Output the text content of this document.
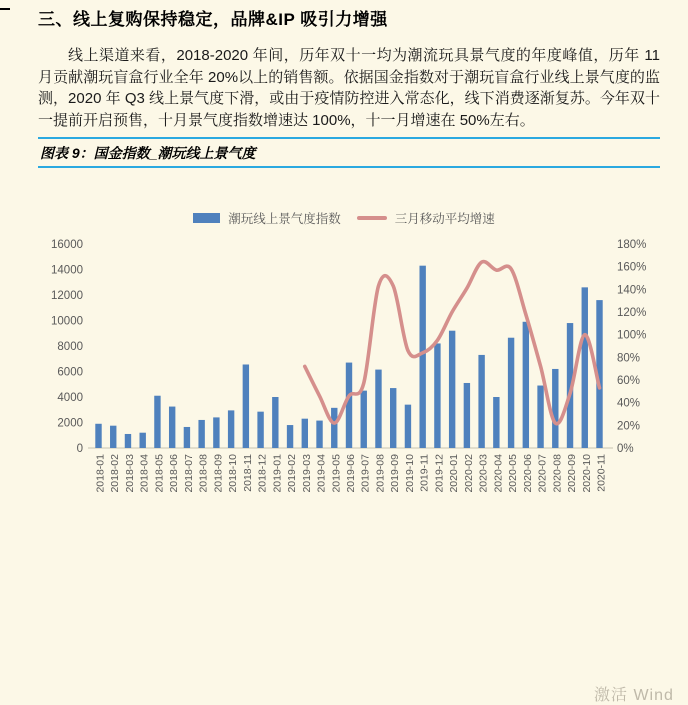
三、线上复购保持稳定，品牌&IP 吸引力增强

线上渠道来看，2018-2020 年间，历年双十一均为潮流玩具景气度的年度峰值，历年 11 月贡献潮玩盲盒行业全年 20%以上的销售额。依据国金指数对于潮玩盲盒行业线上景气度的监测，2020 年 Q3 线上景气度下滑，或由于疫情防控进入常态化，线下消费逐渐复苏。今年双十一提前开启预售，十月景气度指数增速达 100%，十一月增速在 50%左右。

图表 9：国金指数_潮玩线上景气度
潮玩线上景气度指数	三月移动平均增速
0
2000
4000
6000
8000
10000
12000
14000
16000
0%
20%
40%
60%
80%
100%
120%
140%
160%
180%
2018-01 2018-02 2018-03 2018-04 2018-05 2018-06 2018-07 2018-08 2018-09 2018-10 2018-11 2018-12 2019-01 2019-02 2019-03 2019-04 2019-05 2019-06 2019-07 2019-08 2019-09 2019-10 2019-11 2019-12 2020-01 2020-02 2020-03 2020-04 2020-05 2020-06 2020-07 2020-08 2020-09 2020-10 2020-11
激活 Wind
